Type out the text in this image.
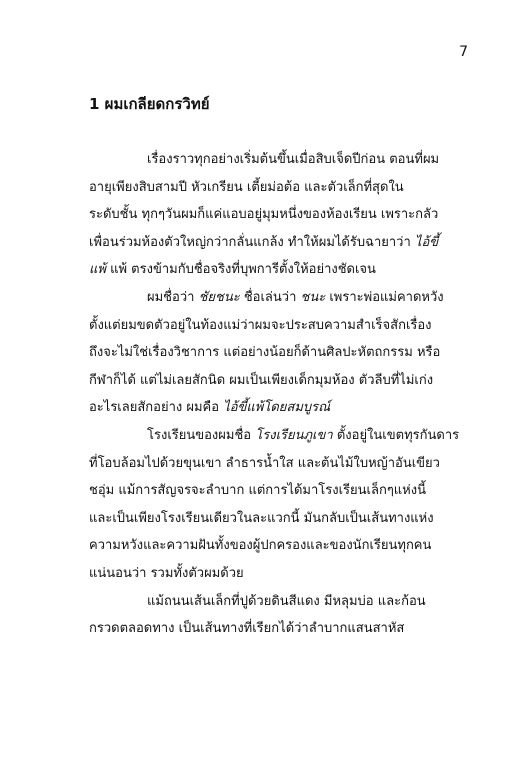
7
1 ผมเกลียดกรวิทย์
เรื่องราวทุกอย่างเริ่มต้นขึ้นเมื่อสิบเจ็ดปีก่อน ตอนที่ผม
อายุเพียงสิบสามปี หัวเกรียน เตี้ยม่อต้อ และตัวเล็กที่สุดใน
ระดับชั้น ทุกๆวันผมก็แค่แอบอยู่มุมหนึ่งของห้องเรียน เพราะกลัว
เพื่อนร่วมห้องตัวใหญ่กว่ากลั่นแกล้ง ทำให้ผมได้รับฉายาว่า ไอ้ขี้
แพ้ แพ้ ตรงข้ามกับชื่อจริงที่บุพการีตั้งให้อย่างชัดเจน
ผมชื่อว่า ชัยชนะ ชื่อเล่นว่า ชนะ เพราะพ่อแม่คาดหวัง
ตั้งแต่ยมขดตัวอยู่ในท้องแม่ว่าผมจะประสบความสำเร็จสักเรื่อง
ถึงจะไม่ใช่เรื่องวิชาการ แต่อย่างน้อยก็ด้านศิลปะหัตถกรรม หรือ
กีฬาก็ได้ แต่ไม่เลยสักนิด ผมเป็นเพียงเด็กมุมห้อง ตัวลีบที่ไม่เก่ง
อะไรเลยสักอย่าง ผมคือ ไอ้ขี้แพ้โดยสมบูรณ์
โรงเรียนของผมชื่อ โรงเรียนภูเขา ตั้งอยู่ในเขตทุรกันดาร
ที่โอบล้อมไปด้วยขุนเขา ลำธารน้ำใส และต้นไม้ใบหญ้าอันเขียว
ชอุ่ม แม้การสัญจรจะลำบาก แต่การได้มาโรงเรียนเล็กๆแห่งนี้
และเป็นเพียงโรงเรียนเดียวในละแวกนี้ มันกลับเป็นเส้นทางแห่ง
ความหวังและความฝันทั้งของผู้ปกครองและของนักเรียนทุกคน
แน่นอนว่า รวมทั้งตัวผมด้วย
แม้ถนนเส้นเล็กที่ปูด้วยดินสีแดง มีหลุมบ่อ และก้อน
กรวดตลอดทาง เป็นเส้นทางที่เรียกได้ว่าลำบากแสนสาหัส
